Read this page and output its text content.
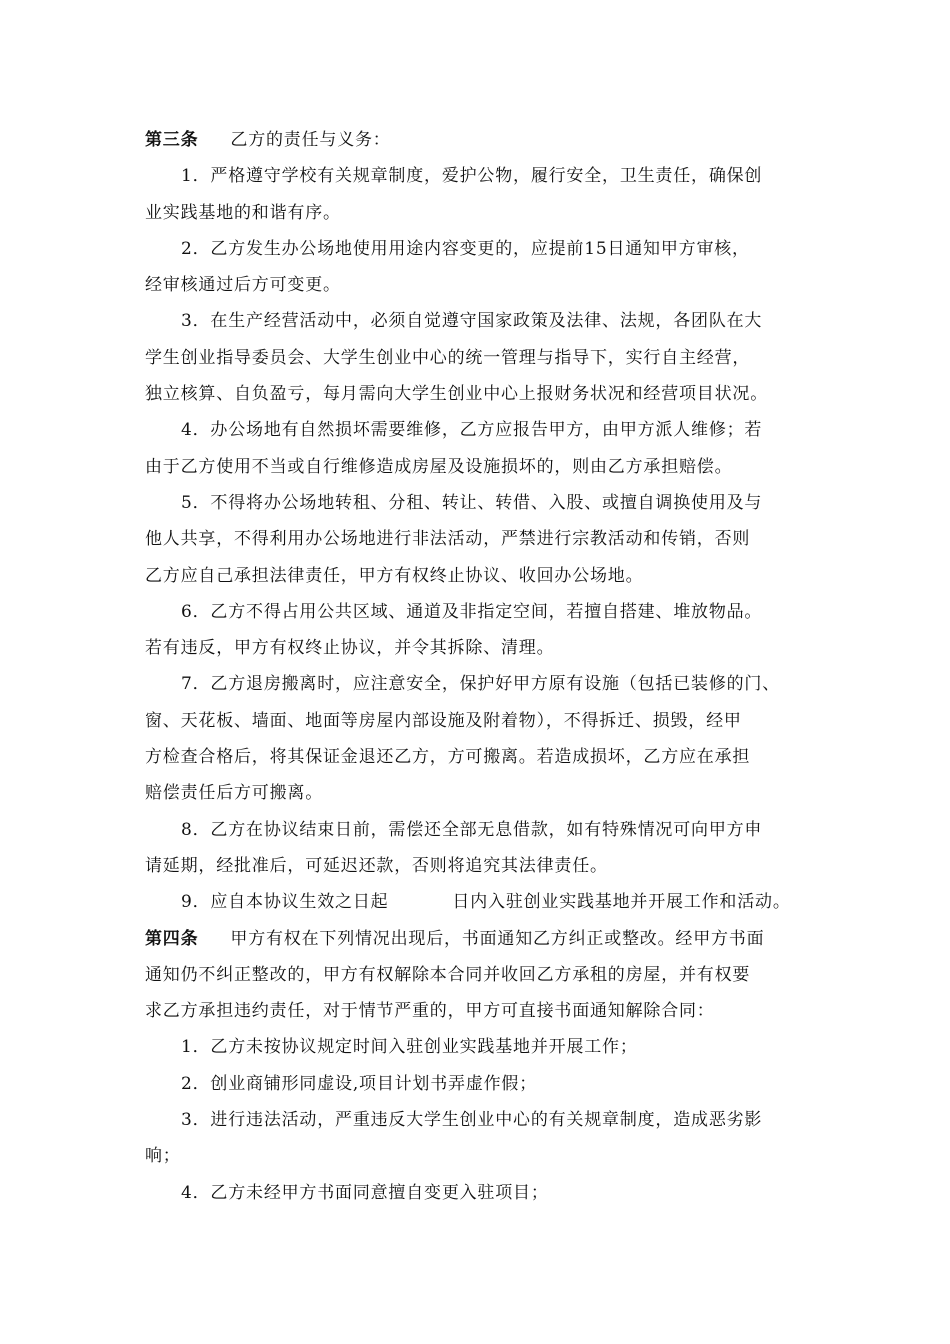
第三条 乙方的责任与义务：
1．严格遵守学校有关规章制度，爱护公物，履行安全，卫生责任，确保创
业实践基地的和谐有序。
2．乙方发生办公场地使用用途内容变更的，应提前15日通知甲方审核，
经审核通过后方可变更。
3．在生产经营活动中，必须自觉遵守国家政策及法律、法规，各团队在大
学生创业指导委员会、大学生创业中心的统一管理与指导下，实行自主经营，
独立核算、自负盈亏，每月需向大学生创业中心上报财务状况和经营项目状况。
4．办公场地有自然损坏需要维修，乙方应报告甲方，由甲方派人维修；若
由于乙方使用不当或自行维修造成房屋及设施损坏的，则由乙方承担赔偿。
5．不得将办公场地转租、分租、转让、转借、入股、或擅自调换使用及与
他人共享，不得利用办公场地进行非法活动，严禁进行宗教活动和传销，否则
乙方应自己承担法律责任，甲方有权终止协议、收回办公场地。
6．乙方不得占用公共区域、通道及非指定空间，若擅自搭建、堆放物品。
若有违反，甲方有权终止协议，并令其拆除、清理。
7．乙方退房搬离时，应注意安全，保护好甲方原有设施（包括已装修的门、
窗、天花板、墙面、地面等房屋内部设施及附着物），不得拆迁、损毁，经甲
方检查合格后，将其保证金退还乙方，方可搬离。若造成损坏，乙方应在承担
赔偿责任后方可搬离。
8．乙方在协议结束日前，需偿还全部无息借款，如有特殊情况可向甲方申
请延期，经批准后，可延迟还款，否则将追究其法律责任。
9．应自本协议生效之日起	日内入驻创业实践基地并开展工作和活动。
第四条 甲方有权在下列情况出现后，书面通知乙方纠正或整改。经甲方书面
通知仍不纠正整改的，甲方有权解除本合同并收回乙方承租的房屋，并有权要
求乙方承担违约责任，对于情节严重的，甲方可直接书面通知解除合同：
1．乙方未按协议规定时间入驻创业实践基地并开展工作；
2．创业商铺形同虚设,项目计划书弄虚作假；
3．进行违法活动，严重违反大学生创业中心的有关规章制度，造成恶劣影
响；
4．乙方未经甲方书面同意擅自变更入驻项目；
